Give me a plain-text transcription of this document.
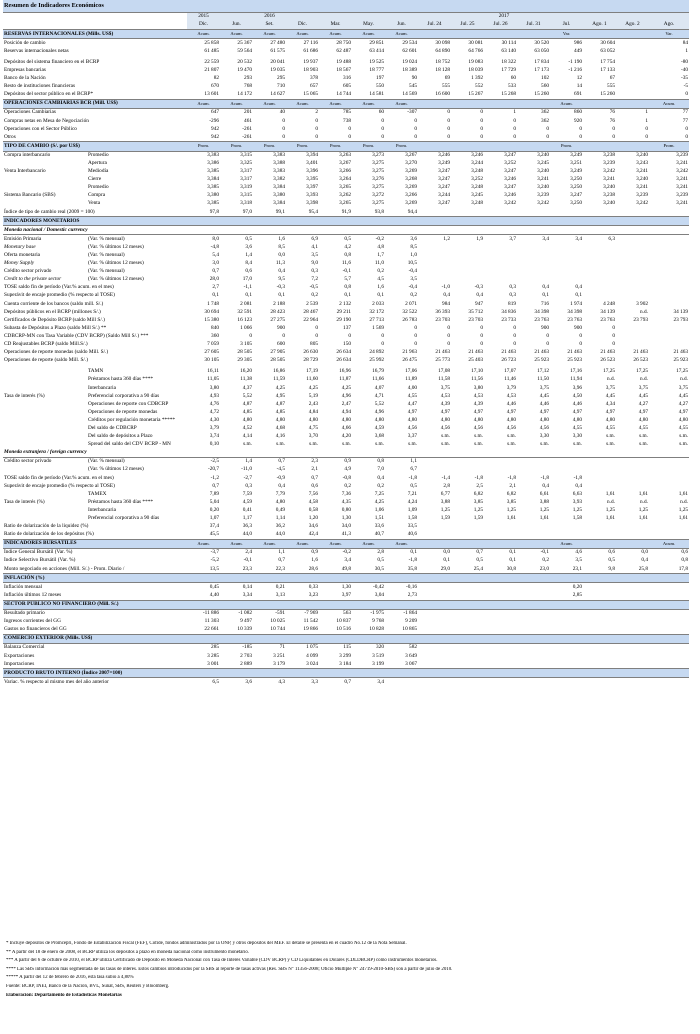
Resumen de Indicadores Económicos																
		2015	2016			2017										
		Dic.	Jun.	Set.	Dic.	Mar.	May.	Jun.	Jul. 24	Jul. 25	Jul. 26	Jul. 31	Jul.	Ago. 1	Ago. 2	Ago.
RESERVAS INTERNACIONALES (Mills. US$)		Acum.	Acum.	Acum.	Acum.	Acum.	Acum.	Acum.					Var.			Var.
Posición de cambio		25 858	25 367	27 480	27 116	28 750	29 851	29 534	30 098	30 081	30 114	30 520	986	30 604		84
Reservas internacionales netas		61 485	59 564	61 575	61 686	62 487	63 414	62 601	64 890	64 766	63 140	63 050	449	63 052		1

Depósitos del sistema financiero en el BCRP		22 559	20 532	20 041	19 937	19 488	19 525	19 024	18 752	19 083	18 322	17 834	-1 190	17 754		-80
Empresas bancarias		21 807	19 470	19 035	18 903	18 567	18 777	18 389	18 128	18 039	17 729	17 173	-1 216	17 133		-40
Banco de la Nación		82	293	295	378	316	197	90	69	1 392	60	102	12	67		-35
Resto de instituciones financieras		670	768	710	657	605	550	545	555	552	533	560	14	555		-5
Depósitos del sector público en el BCRP*		13 601	14 172	14 627	15 065	14 744	14 581	14 569	16 600	15 267	15 268	15 260	691	15 260		0
OPERACIONES CAMBIARIAS BCR (Mill. US$)		Acum.	Acum.	Acum.	Acum.	Acum.	Acum.	Acum.					Acum.			Acum.
Operaciones Cambiarias		647	201	40	2	785	60	-307	0	0	1	362	860	76	1	77
Compras netas en Mesa de Negociación		-296	461	0	0	738	0	0	0	0	0	362	920	76	1	77
Operaciones con el Sector Público		942	-261	0	0	0	0	0	0	0	0	0	0	0	0	0
Otros		942	-261	0	0	0	0	0	0	0	0	0	0	0	0	0
TIPO DE CAMBIO (S/. por US$)		Prom.	Prom.	Prom.	Prom.	Prom.	Prom.	Prom.					Prom.			Prom.
Compra interbancario	Promedio	3,383	3,315	3,383	3,394	3,263	3,273	3,267	3,246	3,246	3,247	3,240	3,249	3,238	3,240	3,239
	Apertura	3,386	3,325	3,388	3,401	3,267	3,275	3,270	3,249	3,244	3,252	3,245	3,251	3,239	3,243	3,241
Venta Interbancario	Mediodía	3,385	3,317	3,383	3,396	3,266	3,275	3,269	3,247	3,248	3,247	3,240	3,249	3,242	3,241	3,242
	Cierre	3,384	3,317	3,382	3,395	3,264	3,276	3,268	3,247	3,252	3,246	3,241	3,250	3,241	3,240	3,241
	Promedio	3,385	3,319	3,384	3,397	3,265	3,275	3,269	3,247	3,248	3,247	3,240	3,250	3,240	3,241	3,241
Sistema Bancario (SBS)	Compra	3,380	3,315	3,380	3,393	3,262	3,272	3,266	3,244	3,245	3,246	3,239	3,247	3,238	3,239	3,239
	Venta	3,385	3,318	3,384	3,398	3,265	3,275	3,269	3,247	3,248	3,242	3,242	3,250	3,240	3,242	3,241
Índice de tipo de cambio real (2009 = 100)		97,8	97,0	99,1	95,4	91,9	93,8	94,4								
INDICADORES MONETARIOS																
Moneda nacional / Domestic currency																
Emisión Primaria	(Var. % mensual)	8,0	0,5	1,6	6,9	0,5	-0,2	3,6	1,2	1,9	3,7	3,4	3,4	6,3		
Monetary base	(Var. % últimos 12 meses)	-4,8	3,6	8,5	4,1	4,2	4,8	8,5								
Oferta monetaria	(Var. % mensual)	5,4	1,4	0,0	3,5	0,8	1,7	1,0								
Money Supply	(Var. % últimos 12 meses)	3,0	8,4	11,3	9,0	11,6	11,0	10,5								
Crédito sector privado	(Var. % mensual)	0,7	0,6	0,4	0,3	-0,1	0,2	-0,4								
Credit to the private sector	(Var. % últimos 12 meses)	28,0	17,0	9,5	7,2	5,7	4,5	3,5								
TOSE saldo fin de período (Var.% acum. en el mes)		2,7	-1,1	-0,3	-0,5	0,8	1,6	-0,4	-1,0	-0,3	0,3	0,4	0,4			
Superávit de encaje promedio (% respecto al TOSE)		0,1	0,1	0,1	0,2	0,1	0,1	0,2	0,4	0,4	0,3	0,1	0,1			
Cuenta corriente de los bancos (saldo mill. S/.)		1 748	2 081	2 188	2 539	2 132	2 033	2 071	984	947	819	716	1 974	4 248	3 902	
Depósitos públicos en el BCRP (millones S/.)		30 694	32 591	28 423	28 467	29 211	32 172	32 522	36 393	35 712	34 836	34 398	34 398	34 139	n.d.	34 139
Certificados de Depósito BCRP (saldo Mill S/.)		15 380	16 123	27 275	22 964	29 190	27 713	26 783	23 703	23 703	23 733	23 763	23 763	23 763	23 793	23 793
Subasta de Depósitos a Plazo (saldo Mill S/.) **		840	1 066	900	0	137	1 569	0	0	0	0	900	900	0		
CDBCRP-MN con Tasa Variable (CDV BCRP) (Saldo Mill S/.) ***		360	0	0	0	0	0	0	0	0	0	0	0	0		
CD Reajustables BCRP (saldo Mill.S/.)		7 059	3 105	600	805	150	0	0	0	0	0	0	0	0		
Operaciones de reporte monedas (saldo Mill. S/.)		27 605	28 505	27 905	26 630	26 634	24 892	21 963	21 463	21 463	21 463	21 463	21 463	21 463	21 463	21 463
Operaciones de reporte (saldo Mill. S/.)		30 105	29 305	28 505	28 729	26 634	25 992	26 475	25 773	25 403	26 723	25 923	25 923	26 523	26 523	25 923

	TAMN	16,11	16,20	16,86	17,19	16,96	16,79	17,06	17,08	17,10	17,07	17,12	17,16	17,25	17,25	17,25
	Préstamos hasta 360 días ****	11,05	11,38	11,59	11,60	11,87	11,66	11,89	11,58	11,56	11,46	11,50	11,94	n.d.	n.d.	n.d.
	Interbancaria	3,80	4,37	4,25	4,25	4,25	4,07	4,00	3,75	3,80	3,79	3,75	3,96	3,75	3,75	3,75
Tasa de interés (%)	Preferencial corporativa a 90 días	4,93	5,52	4,95	5,19	4,96	4,71	4,55	4,53	4,53	4,53	4,45	4,50	4,45	4,45	4,45
	Operaciones de reporte con CDBCRP	4,76	4,87	4,87	2,43	2,47	5,52	4,47	4,39	4,39	4,46	4,46	4,46	4,34	4,27	4,27
	Operaciones de reporte monedas	4,72	4,85	4,85	4,84	4,94	4,96	4,97	4,97	4,97	4,97	4,97	4,97	4,97	4,97	4,97
	Créditos por regulación monetaria *****	4,30	4,80	4,80	4,80	4,80	4,80	4,80	4,80	4,80	4,80	4,80	4,80	4,80	4,80	4,80
	Del saldo de CDBCRP	3,79	4,52	4,68	4,75	4,66	4,59	4,56	4,56	4,56	4,56	4,56	4,55	4,55	4,55	4,55
	Del saldo de depósitos a Plazo	3,74	4,14	4,16	3,70	4,20	3,68	3,37	s.m.	s.m.	s.m.	3,30	3,30	s.m.	s.m.	s.m.
	Spread del saldo del CDV BCRP - MN	0,10	s.m.	s.m.	s.m.	s.m.	s.m.	s.m.	s.m.	s.m.	s.m.	s.m.	s.m.	s.m.	s.m.	s.m.
Moneda extranjera / foreign currency																
Crédito sector privado	(Var. % mensual)	-2,5	1,4	0,7	2,3	0,9	0,8	1,1								
	(Var. % últimos 12 meses)	-20,7	-11,0	-4,5	2,1	4,9	7,0	6,7								
TOSE saldo fin de período (Var.% acum. en el mes)		-1,2	-2,7	-0,9	0,7	-0,8	0,4	-1,8	-1,4	-1,8	-1,8	-1,8	-1,8			
Superávit de encaje promedio (% respecto al TOSE)		0,7	0,3	0,4	0,6	0,2	0,2	0,5	2,8	2,5	2,1	0,4	0,4			
	TAMEX	7,89	7,59	7,79	7,56	7,36	7,25	7,21	6,77	6,82	6,82	6,61	6,63	1,61	1,61	1,61
Tasa de interés (%)	Préstamos hasta 360 días ****	5,04	4,59	4,80	4,58	4,35	4,25	4,24	3,88	3,85	3,85	3,88	3,93	n.d.	n.d.	n.d.
	Interbancaria	0,20	0,41	0,49	0,58	0,80	1,06	1,09	1,25	1,25	1,25	1,25	1,25	1,25	1,25	1,25
	Preferencial corporativa a 90 días	1,07	1,17	1,14	1,20	1,30	1,51	1,58	1,59	1,59	1,61	1,61	1,58	1,61	1,61	1,61
Ratio de dolarización de la liquidez (%)		37,4	36,3	36,2	34,6	34,0	33,6	33,5								
Ratio de dolarización de los depósitos (%)		45,5	44,0	44,0	42,4	41,3	40,7	40,6								
INDICADORES BURSÁTILES		Acum.	Acum.	Acum.	Acum.	Acum.	Acum.	Acum.					Acum.			Acum.
Índice General Bursátil (Var. %)		-3,7	2,4	1,1	0,9	-0,2	2,8	0,1	0,0	0,7	0,1	-0,1	4,6	0,6	0,0	0,6
Índice Selectivo Bursátil (Var. %)		-5,2	-0,1	0,7	1,6	3,4	0,5	-1,8	0,1	0,5	0,1	0,2	3,5	0,5	0,4	0,8
Monto negociado en acciones (Mill. S/.) - Prom. Diario /		13,5	23,3	22,3	28,6	49,8	30,5	35,8	29,0	25,4	30,8	23,0	23,1	9,8	25,8	17,8
INFLACIÓN (%)																
Inflación mensual		0,45	0,14	0,21	0,33	1,30	-0,42	-0,16					0,20			
Inflación últimos 12 meses		4,40	3,34	3,13	3,23	3,97	3,04	2,73					2,85			
SECTOR PÚBLICO NO FINANCIERO (Mill. S/.)																
Resultado primario		-11 886	-1 082	-591	-7 969	563	-1 975	-1 864								
Ingresos corrientes del GG		11 303	9 497	10 025	11 542	10 837	9 768	9 209								
Gastos no financieros del GG		22 661	10 339	10 744	19 866	10 516	10 828	10 865								
COMERCIO EXTERIOR (Mills. US$)																
Balanza Comercial		285	-185	71	1 075	115	320	582								
Exportaciones		3 285	2 703	3 251	4 099	3 299	3 519	3 649								
Importaciones		3 001	2 889	3 179	3 024	3 184	3 199	3 067								
PRODUCTO BRUTO INTERNO (Índice 2007=100)																
Variac. % respecto al mismo mes del año anterior		6,5	3,6	4,3	3,3	0,7	3,4									

* Incluye depósitos de Promcepri, Fondo de Estabilización Fiscal (FEF), Cofide, fondos administrados por la ONP, y otros depósitos del MEF. El detalle se presenta en el cuadro No.12 de la Nota Semanal.

** A partir del 18 de enero de 2008, el BCRP utiliza los depósitos a plazo en moneda nacional como instrumento monetario.

*** A partir del 6 de octubre de 2010, el BCRP utiliza Certificado de Depósito en Moneda Nacional con Tasa de Interés Variable (CDV BCRP) y CD Liquidables en Dólares (CDLDBCRP) como instrumentos monetarios.

**** Las SBS información más segmentada de las tasas de interés. Estos cambios introducidos por la SBS al reporte de tasas activas (Res. SBS N° 11356-2008; Oficio Múltiple N° 24719-2010-SBS) son a partir de julio de 2010.

***** A partir del 12 de febrero de 2016, esta tasa subió a 4,80%

Fuente: BCRP, INEI, Banco de la Nación, BVL, Sunat, SBS, Reuters y Bloomberg.

Elaboración: Departamento de Estadísticas Monetarias
